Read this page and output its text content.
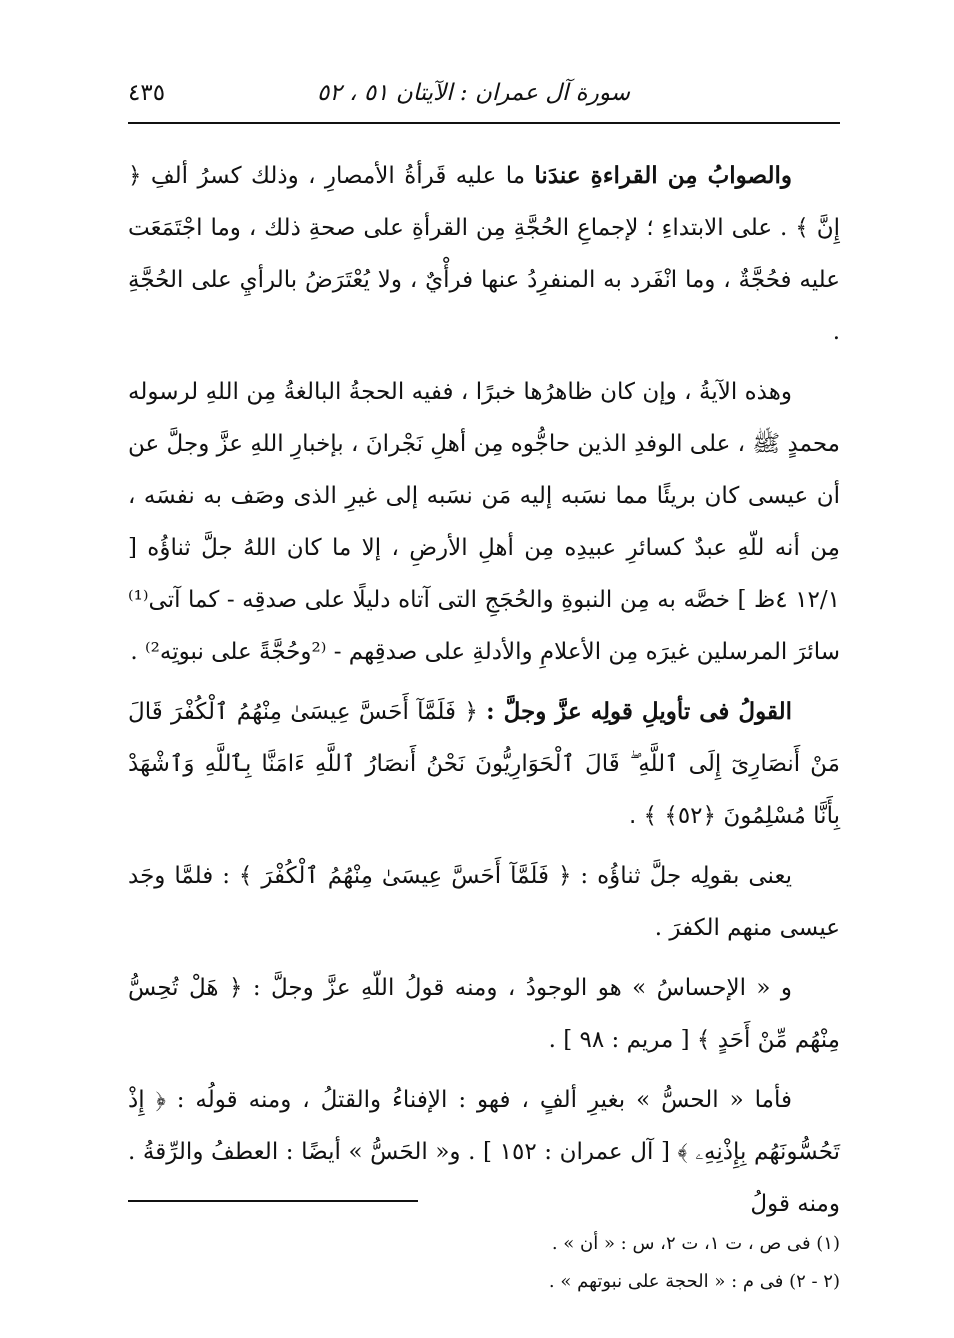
سورة آل عمران : الآيتان ٥١ ، ٥٢
٤٣٥

والصوابُ مِن القراءةِ عندَنا ما عليه قَرأةُ الأمصارِ ، وذلك كسرُ ألفِ ﴿ إِنَّ ﴾ . على الابتداءِ ؛ لإجماعِ الحُجَّةِ مِن القرأةِ على صحةِ ذلك ، وما اجْتَمَعَت عليه فحُجَّةٌ ، وما انْفَرد به المنفرِدُ عنها فرأْيٌ ، ولا يُعْتَرَضُ بالرأيِ على الحُجَّةِ .

وهذه الآيةُ ، وإن كان ظاهرُها خبرًا ، ففيه الحجةُ البالغةُ مِن اللهِ لرسوله محمدٍ ﷺ ، على الوفدِ الذين حاجُّوه مِن أهلِ نَجْرانَ ، بإخبارِ اللهِ عزَّ وجلَّ عن أن عيسى كان بريئًا مما نسَبه إليه مَن نسَبه إلى غيرِ الذى وصَف به نفسَه ، مِن أنه للّهِ عبدٌ كسائرِ عبيدِه مِن أهلِ الأرضِ ، إلا ما كان اللهُ جلَّ ثناؤُه [ ١٢/١ ٤ظ ] خصَّه به مِن النبوةِ والحُجَجِ التى آتاه دليلًا على صدقِه - كما آتى⁽¹⁾ سائرَ المرسلين غيرَه مِن الأعلامِ والأدلةِ على صدقِهم - ⁽²وحُجَّةً على نبوتِه²⁾ .

القولُ فى تأويلِ قولِه عزَّ وجلَّ : ﴿ فَلَمَّآ أَحَسَّ عِيسَىٰ مِنْهُمُ ٱلْكُفْرَ قَالَ مَنْ أَنصَارِىٓ إِلَى ٱللَّهِ ۖ قَالَ ٱلْحَوَارِيُّونَ نَحْنُ أَنصَارُ ٱللَّهِ ءَامَنَّا بِٱللَّهِ وَٱشْهَدْ بِأَنَّا مُسْلِمُونَ ﴿٥٢﴾ ﴾ .

يعنى بقولِه جلَّ ثناؤُه : ﴿ فَلَمَّآ أَحَسَّ عِيسَىٰ مِنْهُمُ ٱلْكُفْرَ ﴾ : فلمَّا وجَد عيسى منهم الكفرَ .

و « الإحساسُ » هو الوجودُ ، ومنه قولُ اللّهِ عزَّ وجلَّ : ﴿ هَلْ تُحِسُّ مِنْهُم مِّنْ أَحَدٍ ﴾ [ مريم : ٩٨ ] .

فأما « الحسُّ » بغيرِ ألفٍ ، فهو : الإفناءُ والقتلُ ، ومنه قولُه : ﴿ إِذْ تَحُسُّونَهُم بِإِذْنِهِۦ ﴾ [ آل عمران : ١٥٢ ] . و« الحَسُّ » أيضًا : العطفُ والرِّقةُ . ومنه قولُ

(١) فى ص ، ت ١، ت ٢، س : « أن » .

(٢ - ٢) فى م : « الحجة على نبوتهم » .
